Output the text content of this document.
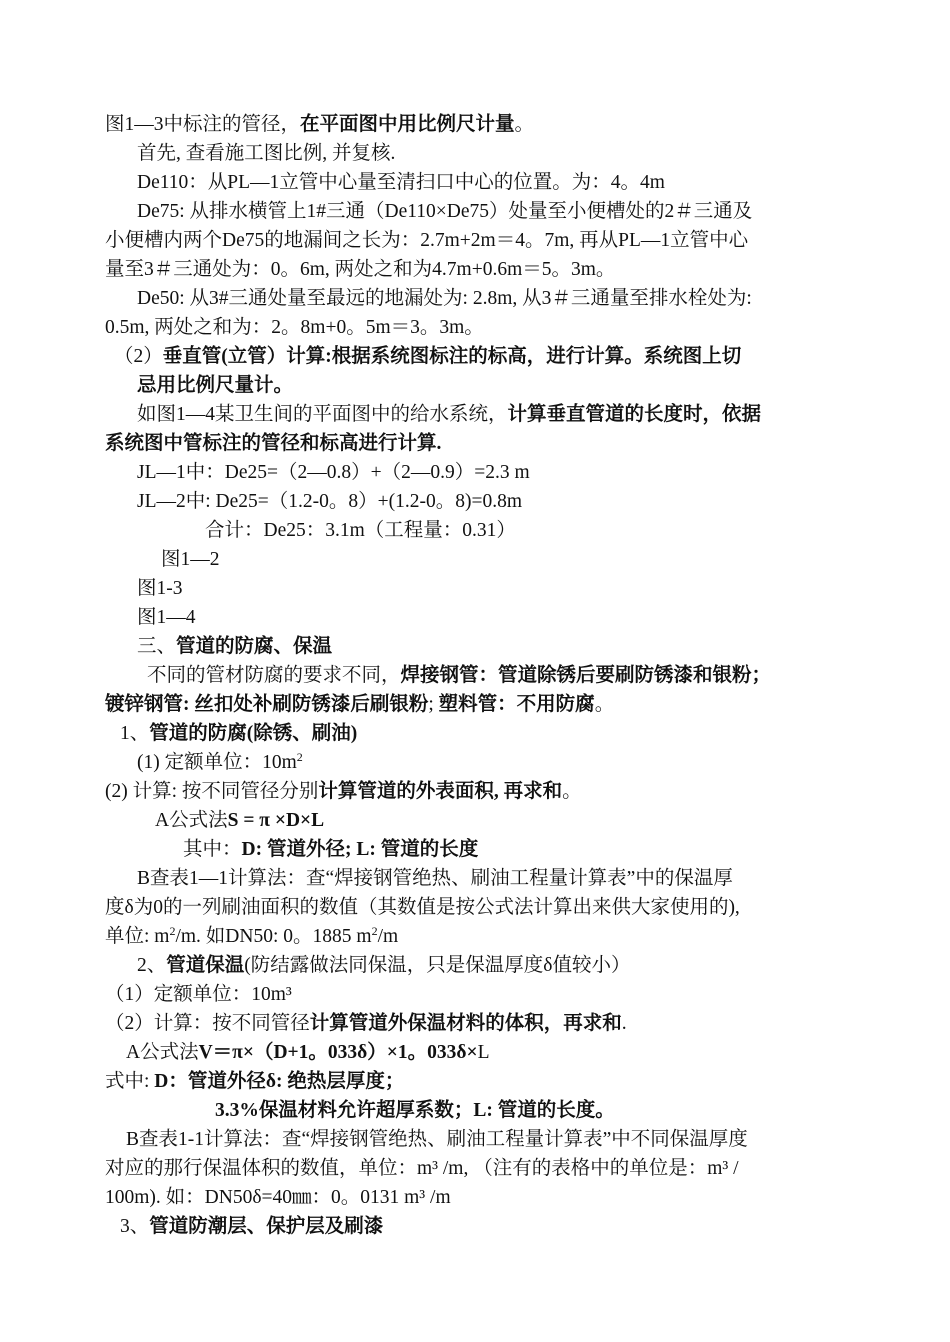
图1—3中标注的管径，在平面图中用比例尺计量。
首先, 查看施工图比例, 并复核.
De110：从PL—1立管中心量至清扫口中心的位置。为：4。4m
De75: 从排水横管上1#三通（De110×De75）处量至小便槽处的2＃三通及
小便槽内两个De75的地漏间之长为：2.7m+2m＝4。7m, 再从PL—1立管中心
量至3＃三通处为：0。6m, 两处之和为4.7m+0.6m＝5。3m。
De50: 从3#三通处量至最远的地漏处为: 2.8m, 从3＃三通量至排水栓处为:
0.5m, 两处之和为：2。8m+0。5m＝3。3m。
（2）垂直管(立管）计算:根据系统图标注的标高，进行计算。系统图上切
忌用比例尺量计。
如图1—4某卫生间的平面图中的给水系统，计算垂直管道的长度时，依据
系统图中管标注的管径和标高进行计算.
JL—1中：De25=（2—0.8）+（2—0.9）=2.3 m
JL—2中: De25=（1.2-0。8）+(1.2-0。8)=0.8m
合计：De25：3.1m（工程量：0.31）
图1—2
图1-3
图1—4
三、管道的防腐、保温
不同的管材防腐的要求不同，焊接钢管：管道除锈后要刷防锈漆和银粉；
镀锌钢管: 丝扣处补刷防锈漆后刷银粉; 塑料管：不用防腐。
1、管道的防腐(除锈、刷油)
(1) 定额单位：$10m^2$
(2) 计算: 按不同管径分别计算管道的外表面积, 再求和。
A公式法S = π ×D×L
其中：D: 管道外径; L: 管道的长度
B查表1—1计算法：查“焊接钢管绝热、刷油工程量计算表”中的保温厚
度δ为0的一列刷油面积的数值（其数值是按公式法计算出来供大家使用的),
单位: $m^2/m$. 如DN50: 0。1885 $m^2/m$
2、管道保温(防结露做法同保温，只是保温厚度δ值较小）
（1）定额单位：10m³
（2）计算：按不同管径计算管道外保温材料的体积，再求和.
A公式法V＝π×（D+1。033δ）×1。033δ×L
式中: D：管道外径δ: 绝热层厚度；
3.3%保温材料允许超厚系数；L: 管道的长度。
B查表1-1计算法：查“焊接钢管绝热、刷油工程量计算表”中不同保温厚度
对应的那行保温体积的数值，单位：m³ /m, （注有的表格中的单位是：m³ /
100m). 如：DN50δ=40㎜：0。0131 m³ /m
3、管道防潮层、保护层及刷漆
